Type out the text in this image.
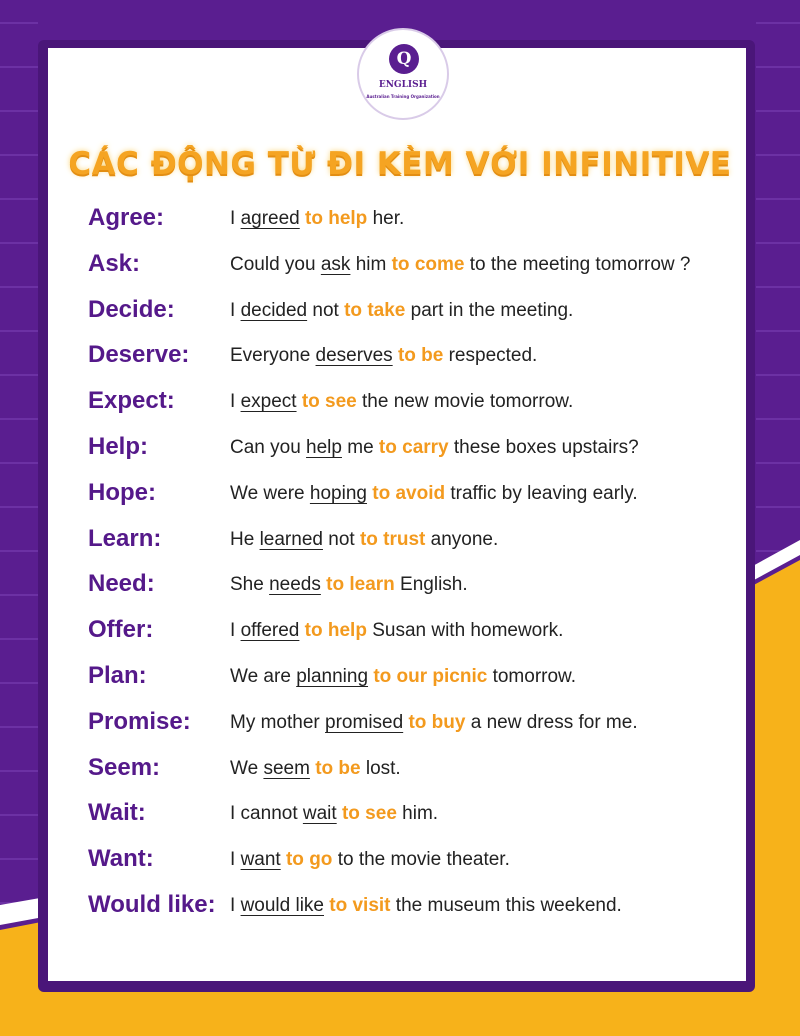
Q
ENGLISH
Australian Training Organization
CÁC ĐỘNG TỪ ĐI KÈM VỚI INFINITIVE
Agree:	I agreed to help her.
Ask:	Could you ask him to come to the meeting tomorrow ?
Decide:	I decided not to take part in the meeting.
Deserve: Everyone deserves to be respected.
Expect:	I expect to see the new movie tomorrow.
Help:	Can you help me to carry these boxes upstairs?
Hope:	We were hoping to avoid traffic by leaving early.
Learn:	He learned not to trust anyone.
Need:	She needs to learn English.
Offer:	I offered to help Susan with homework.
Plan:	We are planning to our picnic tomorrow.
Promise: My mother promised to buy a new dress for me.
Seem:	We seem to be lost.
Wait:	I cannot wait to see him.
Want:	I want to go to the movie theater.
Would like: I would like to visit the museum this weekend.
